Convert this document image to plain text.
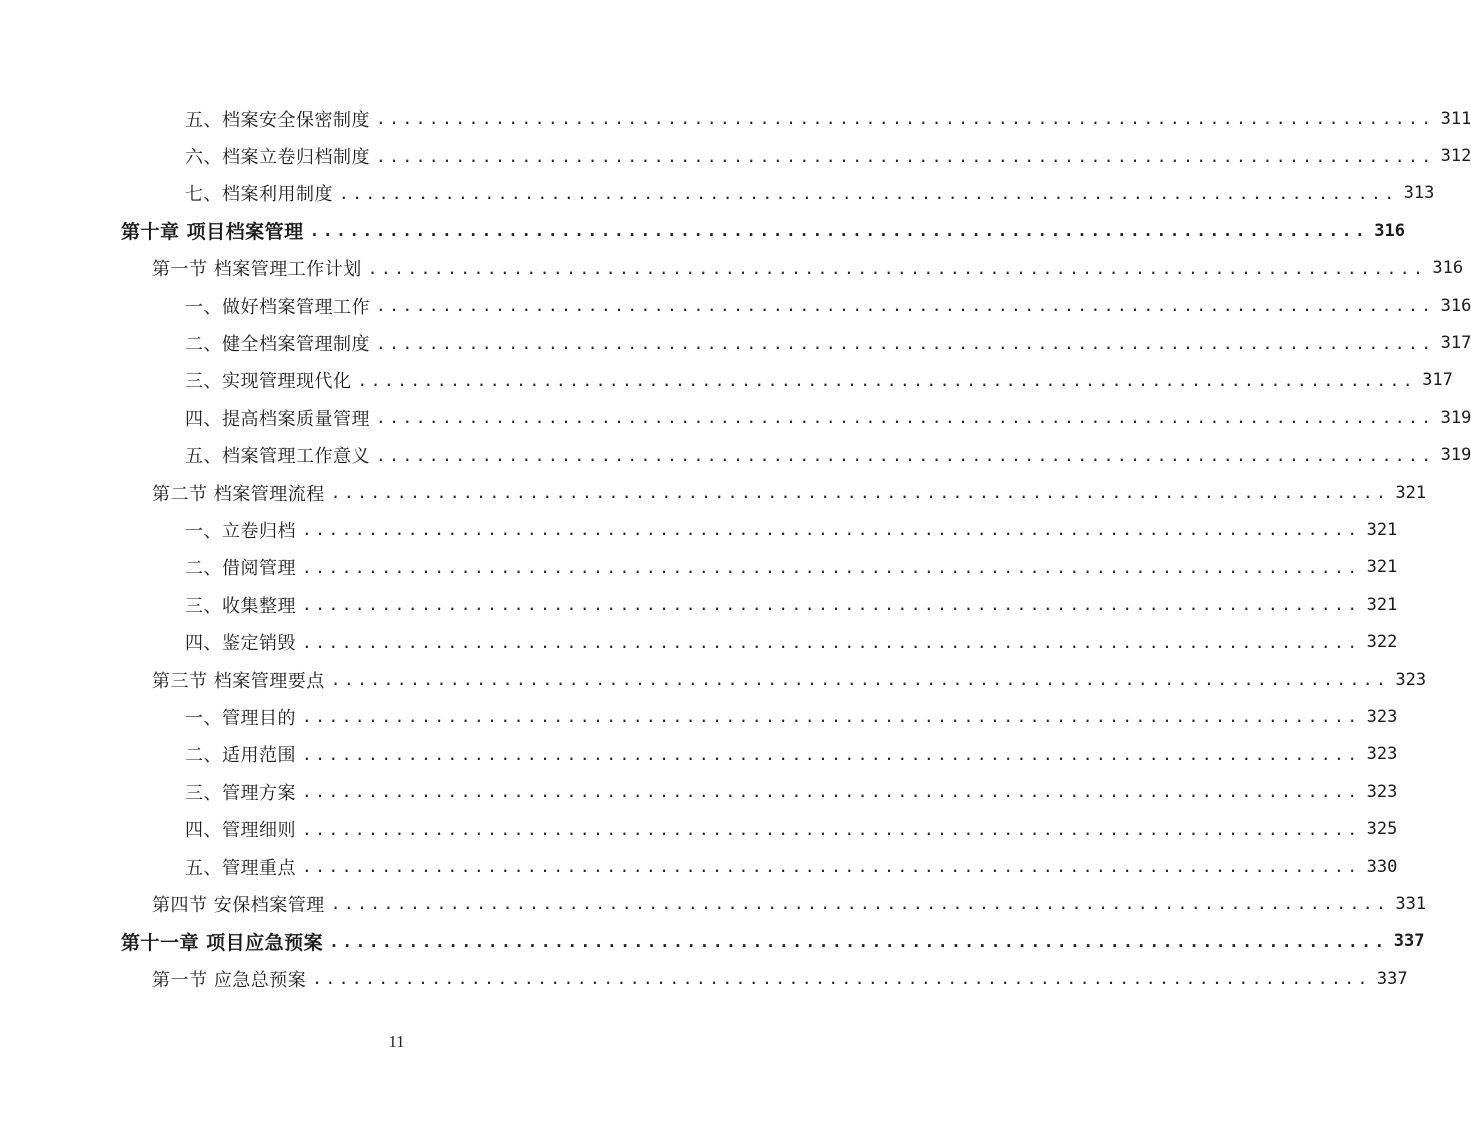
五、档案安全保密制度 ................................................................................ 311
六、档案立卷归档制度 ................................................................................ 312
七、档案利用制度 ................................................................................ 313
第十章 项目档案管理 ................................................................................ 316
第一节 档案管理工作计划 ................................................................................ 316
一、做好档案管理工作 ................................................................................ 316
二、健全档案管理制度 ................................................................................ 317
三、实现管理现代化 ................................................................................ 317
四、提高档案质量管理 ................................................................................ 319
五、档案管理工作意义 ................................................................................ 319
第二节 档案管理流程 ................................................................................ 321
一、立卷归档 ................................................................................ 321
二、借阅管理 ................................................................................ 321
三、收集整理 ................................................................................ 321
四、鉴定销毁 ................................................................................ 322
第三节 档案管理要点 ................................................................................ 323
一、管理目的 ................................................................................ 323
二、适用范围 ................................................................................ 323
三、管理方案 ................................................................................ 323
四、管理细则 ................................................................................ 325
五、管理重点 ................................................................................ 330
第四节 安保档案管理 ................................................................................ 331
第十一章 项目应急预案 ................................................................................ 337
第一节 应急总预案 ................................................................................ 337
11
